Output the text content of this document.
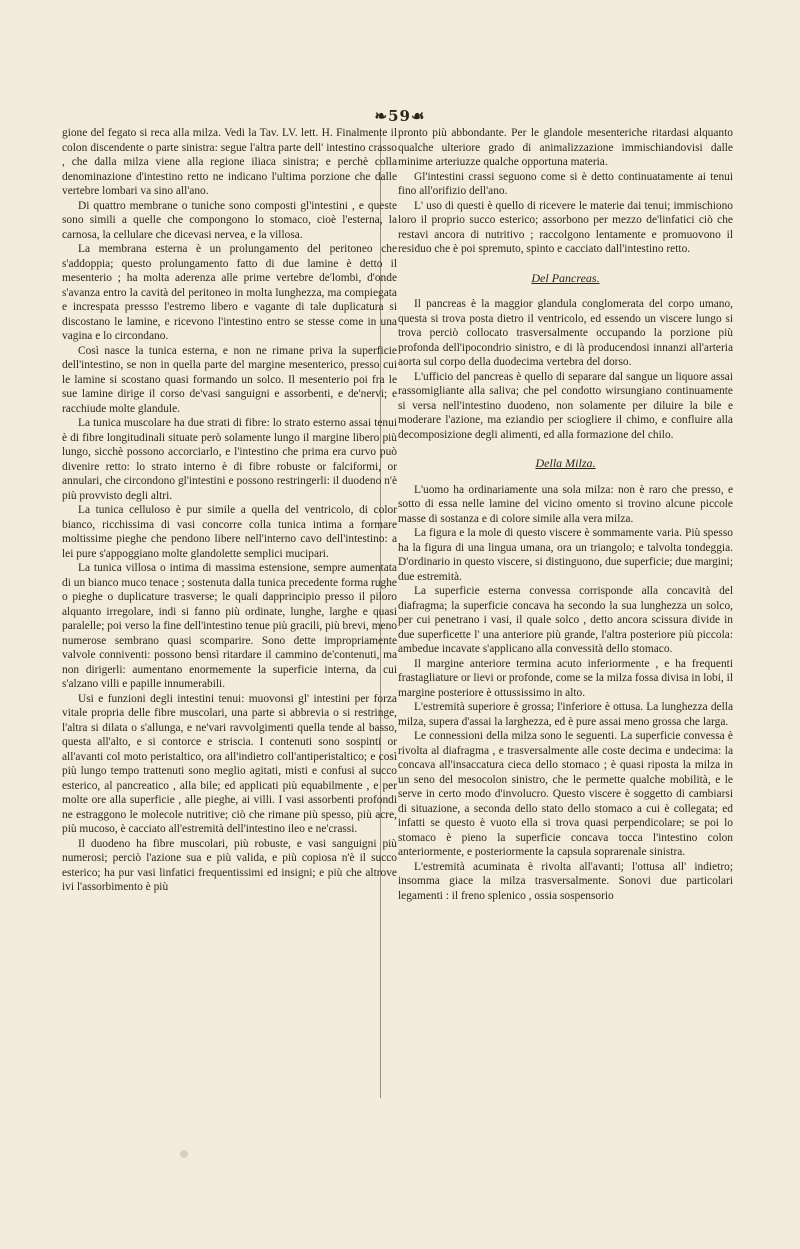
❧59☙

gione del fegato si reca alla milza. Vedi la Tav. LV. lett. H. Finalmente il colon discendente o parte sinistra: segue l'altra parte dell' intestino crasso , che dalla milza viene alla regione iliaca sinistra; e perchè colla denominazione d'intestino retto ne indicano l'ultima porzione che dalle vertebre lombari va sino all'ano.

Di quattro membrane o tuniche sono composti gl'intestini , e queste sono simili a quelle che compongono lo stomaco, cioè l'esterna, la carnosa, la cellulare che dicevasi nervea, e la villosa.

La membrana esterna è un prolungamento del peritoneo che s'addoppia; questo prolungamento fatto di due lamine è detto il mesenterio ; ha molta aderenza alle prime vertebre de'lombi, d'onde s'avanza entro la cavità del peritoneo in molta lunghezza, ma compiegata e increspata pressso l'estremo libero e vagante di tale duplicatura si discostano le lamine, e ricevono l'intestino entro se stesse come in una vagina e lo circondano.

Così nasce la tunica esterna, e non ne rimane priva la superficie dell'intestino, se non in quella parte del margine mesenterico, presso cui le lamine si scostano quasi formando un solco. Il mesenterio poi fra le sue lamine dirige il corso de'vasi sanguigni e assorbenti, e de'nervi; e racchiude molte glandule.

La tunica muscolare ha due strati di fibre: lo strato esterno assai tenui è di fibre longitudinali situate però solamente lungo il margine libero più lungo, sicchè possono accorciarlo, e l'intestino che prima era curvo può divenire retto: lo strato interno è di fibre robuste or falciformi, or annulari, che circondono gl'intestini e possono restringerli: il duodeno n'è più provvisto degli altri.

La tunica celluloso è pur simile a quella del ventricolo, di color bianco, ricchissima di vasi concorre colla tunica intima a formare moltissime pieghe che pendono libere nell'interno cavo dell'intestino: a lei pure s'appoggiano molte glandolette semplici mucipari.

La tunica villosa o intima di massima estensione, sempre aumentata di un bianco muco tenace ; sostenuta dalla tunica precedente forma rughe o pieghe o duplicature trasverse; le quali dapprincipio presso il piloro alquanto irregolare, indi si fanno più ordinate, lunghe, larghe e quasi paralelle; poi verso la fine dell'intestino tenue più gracili, più brevi, meno numerose sembrano quasi scomparire. Sono dette impropriamente valvole conniventi: possono bensì ritardare il cammino de'contenuti, ma non dirigerli: aumentano enormemente la superficie interna, da cui s'alzano villi e papille innumerabili.

Usi e funzioni degli intestini tenui: muovonsi gl' intestini per forza vitale propria delle fibre muscolari, una parte si abbrevia o si restringe, l'altra si dilata o s'allunga, e ne'vari ravvolgimenti quella tende al basso, questa all'alto, e si contorce e striscia. I contenuti sono sospinti or all'avanti col moto peristaltico, ora all'indietro coll'antiperistaltico; e così più lungo tempo trattenuti sono meglio agitati, misti e confusi al succo esterico, al pancreatico , alla bile; ed applicati più equabilmente , e per molte ore alla superficie , alle pieghe, ai villi. I vasi assorbenti profondi ne estraggono le molecole nutritive; ciò che rimane più spesso, più acre, più mucoso, è cacciato all'estremità dell'intestino ileo e ne'crassi.

Il duodeno ha fibre muscolari, più robuste, e vasi sanguigni più numerosi; perciò l'azione sua e più valida, e più copiosa n'è il succo esterico; ha pur vasi linfatici frequentissimi ed insigni; e più che altrove ivi l'assorbimento è più

pronto più abbondante. Per le glandole mesenteriche ritardasi alquanto qualche ulteriore grado di animalizzazione immischiandovisi dalle minime arteriuzze qualche opportuna materia.

Gl'intestini crassi seguono come si è detto continuatamente ai tenui fino all'orifizio dell'ano.

L' uso di questi è quello di ricevere le materie dai tenui; immischiono loro il proprio succo esterico; assorbono per mezzo de'linfatici ciò che restavi ancora di nutritivo ; raccolgono lentamente e promuovono il residuo che è poi spremuto, spinto e cacciato dall'intestino retto.

Del Pancreas.

Il pancreas è la maggior glandula conglomerata del corpo umano, questa si trova posta dietro il ventricolo, ed essendo un viscere lungo si trova perciò collocato trasversalmente occupando la porzione più profonda dell'ipocondrio sinistro, e di là producendosi innanzi all'arteria aorta sul corpo della duodecima vertebra del dorso.

L'ufficio del pancreas è quello di separare dal sangue un liquore assai rassomigliante alla saliva; che pel condotto wirsungiano continuamente si versa nell'intestino duodeno, non solamente per diluire la bile e moderare l'azione, ma eziandio per sciogliere il chimo, e confluire alla decomposizione degli alimenti, ed alla formazione del chilo.

Della Milza.

L'uomo ha ordinariamente una sola milza: non è raro che presso, e sotto di essa nelle lamine del vicino omento si trovino alcune piccole masse di sostanza e di colore simile alla vera milza.

La figura e la mole di questo viscere è sommamente varia. Più spesso ha la figura di una lingua umana, ora un triangolo; e talvolta tondeggia. D'ordinario in questo viscere, si distinguono, due superficie; due margini; due estremità.

La superficie esterna convessa corrisponde alla concavità del diafragma; la superficie concava ha secondo la sua lunghezza un solco, per cui penetrano i vasi, il quale solco , detto ancora scissura divide in due superficette l' una anteriore più grande, l'altra posteriore più piccola: ambedue incavate s'applicano alla convessità dello stomaco.

Il margine anteriore termina acuto inferiormente , e ha frequenti frastagliature or lievi or profonde, come se la milza fossa divisa in lobi, il margine posteriore è ottussissimo in alto.

L'estremità superiore è grossa; l'inferiore è ottusa. La lunghezza della milza, supera d'assai la larghezza, ed è pure assai meno grossa che larga.

Le connessioni della milza sono le seguenti. La superficie convessa è rivolta al diafragma , e trasversalmente alle coste decima e undecima: la concava all'insaccatura cieca dello stomaco ; è quasi riposta la milza in un seno del mesocolon sinistro, che le permette qualche mobilità, e le serve in certo modo d'involucro. Questo viscere è soggetto di cambiarsi di situazione, a seconda dello stato dello stomaco a cui è collegata; ed infatti se questo è vuoto ella si trova quasi perpendicolare; se poi lo stomaco è pieno la superficie concava tocca l'intestino colon anteriormente, e posteriormente la capsula soprarenale sinistra.

L'estremità acuminata è rivolta all'avanti; l'ottusa all' indietro; insomma giace la milza trasversalmente. Sonovi due particolari legamenti : il freno splenico , ossia sospensorio
